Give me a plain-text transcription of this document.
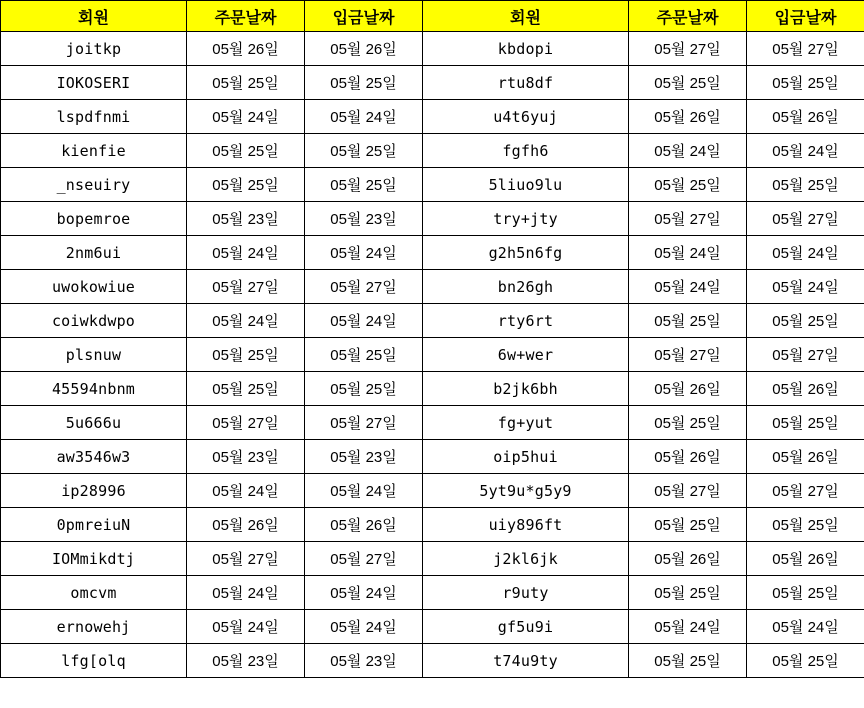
회원	주문날짜	입금날짜	회원	주문날짜	입금날짜
joitkp	05월 26일	05월 26일	kbdopi	05월 27일	05월 27일
IOKOSERI	05월 25일	05월 25일	rtu8df	05월 25일	05월 25일
lspdfnmi	05월 24일	05월 24일	u4t6yuj	05월 26일	05월 26일
kienfie	05월 25일	05월 25일	fgfh6	05월 24일	05월 24일
_nseuiry	05월 25일	05월 25일	5liuo9lu	05월 25일	05월 25일
bopemroe	05월 23일	05월 23일	try+jty	05월 27일	05월 27일
2nm6ui	05월 24일	05월 24일	g2h5n6fg	05월 24일	05월 24일
uwokowiue	05월 27일	05월 27일	bn26gh	05월 24일	05월 24일
coiwkdwpo	05월 24일	05월 24일	rty6rt	05월 25일	05월 25일
plsnuw	05월 25일	05월 25일	6w+wer	05월 27일	05월 27일
45594nbnm	05월 25일	05월 25일	b2jk6bh	05월 26일	05월 26일
5u666u	05월 27일	05월 27일	fg+yut	05월 25일	05월 25일
aw3546w3	05월 23일	05월 23일	oip5hui	05월 26일	05월 26일
ip28996	05월 24일	05월 24일	5yt9u*g5y9	05월 27일	05월 27일
0pmreiuN	05월 26일	05월 26일	uiy896ft	05월 25일	05월 25일
IOMmikdtj	05월 27일	05월 27일	j2kl6jk	05월 26일	05월 26일
omcvm	05월 24일	05월 24일	r9uty	05월 25일	05월 25일
ernowehj	05월 24일	05월 24일	gf5u9i	05월 24일	05월 24일
lfg[olq	05월 23일	05월 23일	t74u9ty	05월 25일	05월 25일
